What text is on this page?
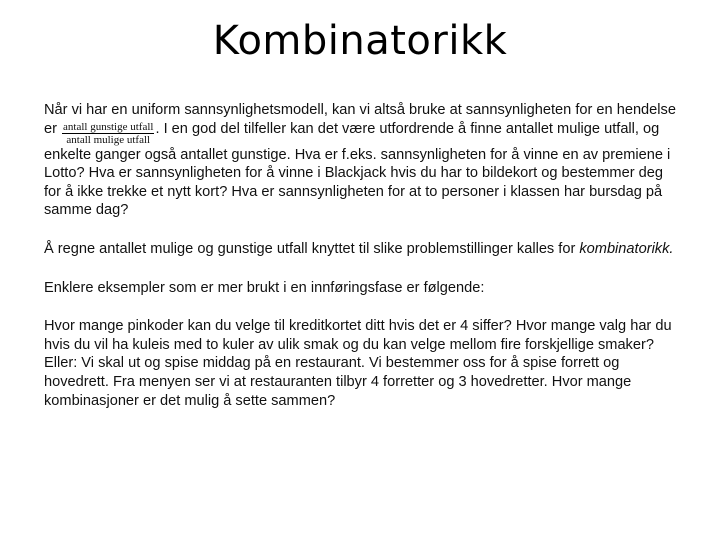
Kombinatorikk

Når vi har en uniform sannsynlighetsmodell, kan vi altså bruke at sannsynligheten for en hendelse er $\frac{\text{antall gunstige utfall}}{\text{antall mulige utfall}}$ . I en god del tilfeller kan det være utfordrende å finne antallet mulige utfall, og enkelte ganger også antallet gunstige. Hva er f.eks. sannsynligheten for å vinne en av premiene i Lotto? Hva er sannsynligheten for å vinne i Blackjack hvis du har to bildekort og bestemmer deg for å ikke trekke et nytt kort? Hva er sannsynligheten for at to personer i klassen har bursdag på samme dag?

Å regne antallet mulige og gunstige utfall knyttet til slike problemstillinger kalles for kombinatorikk.

Enklere eksempler som er mer brukt i en innføringsfase er følgende:

Hvor mange pinkoder kan du velge til kreditkortet ditt hvis det er 4 siffer? Hvor mange valg har du hvis du vil ha kuleis med to kuler av ulik smak og du kan velge mellom fire forskjellige smaker?

Eller: Vi skal ut og spise middag på en restaurant. Vi bestemmer oss for å spise forrett og hovedrett. Fra menyen ser vi at restauranten tilbyr 4 forretter og 3 hovedretter. Hvor mange kombinasjoner er det mulig å sette sammen?
